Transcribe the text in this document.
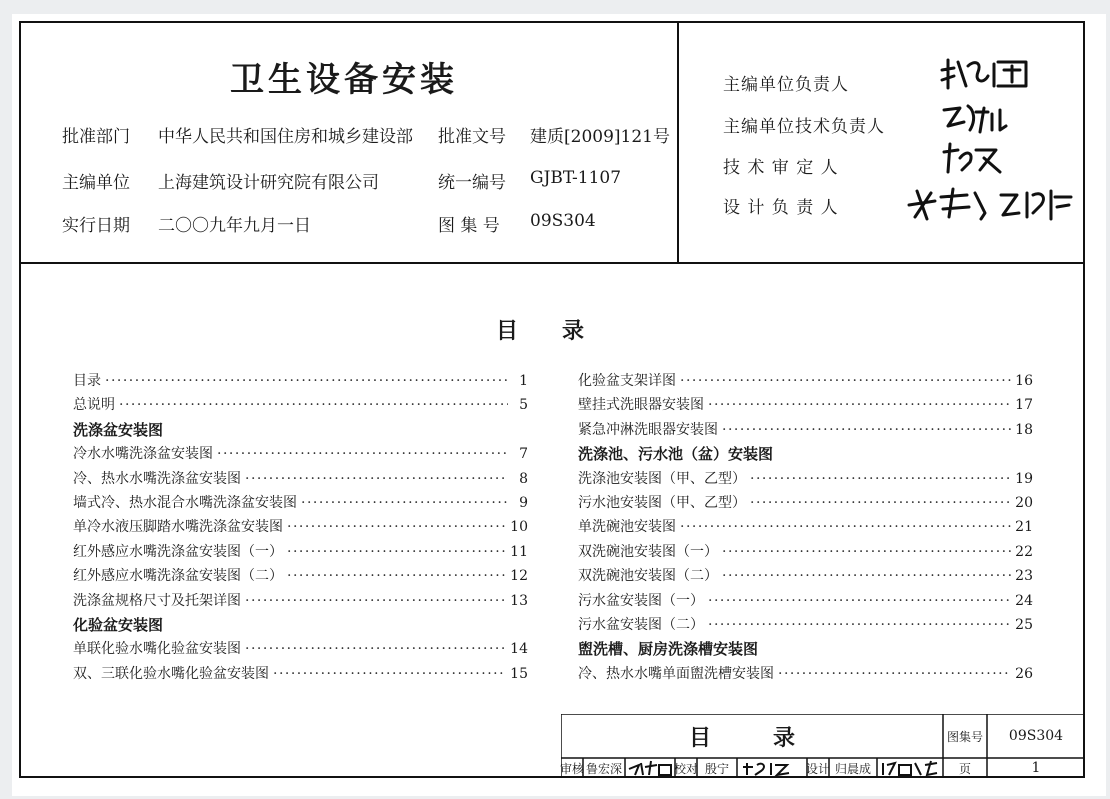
卫生设备安装
批准部门 中华人民共和国住房和城乡建设部 批准文号 建质[2009]121号
主编单位 上海建筑设计研究院有限公司	统一编号 GJBT-1107
实行日期 二〇〇九年九月一日	图 集 号 09S304
主编单位负责人
主编单位技术负责人
技 术 审 定 人
设 计 负 责 人
目　　录
目录 ·····	1
总说明 ·····	5
洗涤盆安装图
冷水水嘴洗涤盆安装图 ·····	7
冷、热水水嘴洗涤盆安装图 ·····	8
墙式冷、热水混合水嘴洗涤盆安装图 ·····	9
单冷水液压脚踏水嘴洗涤盆安装图 ·····	10
红外感应水嘴洗涤盆安装图（一） ·····	11
红外感应水嘴洗涤盆安装图（二） ·····	12
洗涤盆规格尺寸及托架详图 ·····	13
化验盆安装图
单联化验水嘴化验盆安装图 ·····	14
双、三联化验水嘴化验盆安装图 ·····	15
化验盆支架详图 ·····	16
壁挂式洗眼器安装图 ·····	17
紧急冲淋洗眼器安装图 ·····	18
洗涤池、污水池（盆）安装图
洗涤池安装图（甲、乙型） ·····	19
污水池安装图（甲、乙型） ·····	20
单洗碗池安装图 ·····	21
双洗碗池安装图（一） ·····	22
双洗碗池安装图（二） ·····	23
污水盆安装图（一） ·····	24
污水盆安装图（二） ·····	25
盥洗槽、厨房洗涤槽安装图
冷、热水水嘴单面盥洗槽安装图 ·····	26
目　录	图集号	09S304
审核 鲁宏深	校对 殷宁	设计 归晨成	页	1
